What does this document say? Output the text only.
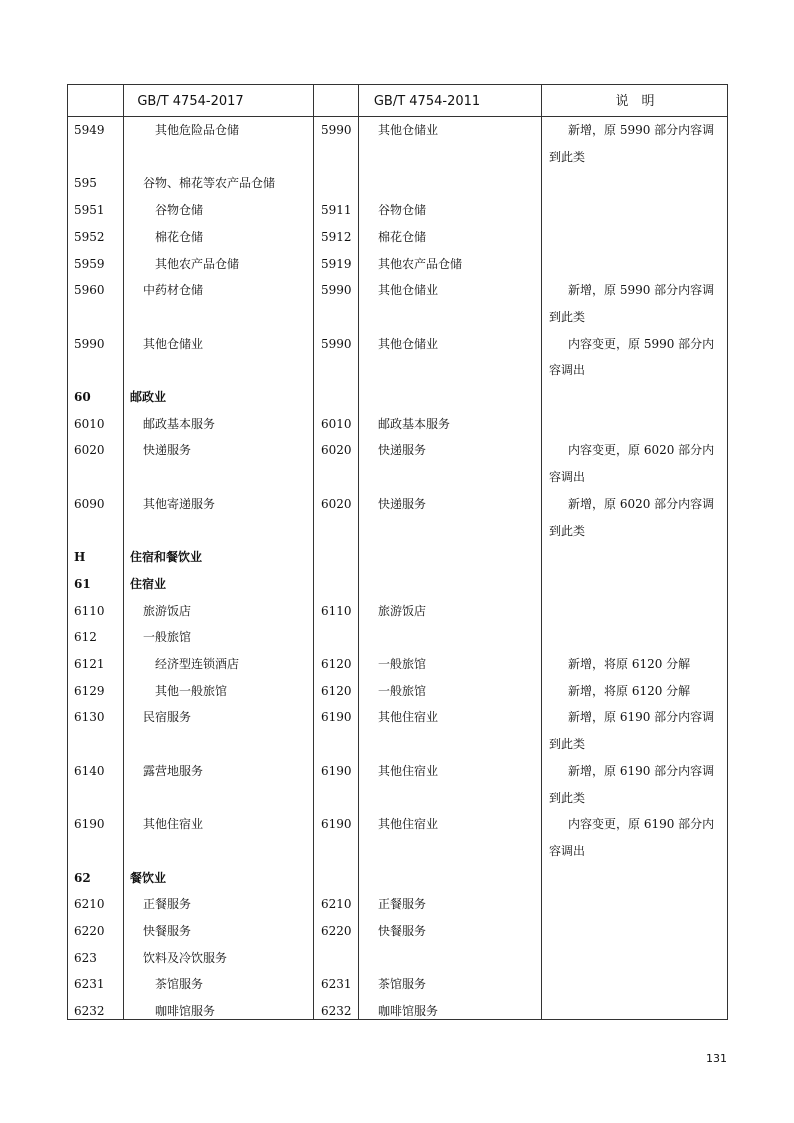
GB/T 4754-2017	GB/T 4754-2011	说　明
5949	其他危险品仓储	5990 其他仓储业	新增，原 5990 部分内容调到此类
595	谷物、棉花等农产品仓储
5951	谷物仓储	5911 谷物仓储
5952	棉花仓储	5912 棉花仓储
5959	其他农产品仓储	5919 其他农产品仓储
5960	中药材仓储	5990 其他仓储业	新增，原 5990 部分内容调到此类
5990	其他仓储业	5990 其他仓储业	内容变更，原 5990 部分内容调出
60	邮政业
6010	邮政基本服务	6010 邮政基本服务
6020	快递服务	6020 快递服务	内容变更，原 6020 部分内容调出
6090	其他寄递服务	6020 快递服务	新增，原 6020 部分内容调到此类
H	住宿和餐饮业
61	住宿业
6110	旅游饭店	6110 旅游饭店
612	一般旅馆
6121	经济型连锁酒店	6120 一般旅馆	新增，将原 6120 分解
6129	其他一般旅馆	6120 一般旅馆	新增，将原 6120 分解
6130	民宿服务	6190 其他住宿业	新增，原 6190 部分内容调到此类
6140	露营地服务	6190 其他住宿业	新增，原 6190 部分内容调到此类
6190	其他住宿业	6190 其他住宿业	内容变更，原 6190 部分内容调出
62	餐饮业
6210	正餐服务	6210 正餐服务
6220	快餐服务	6220 快餐服务
623	饮料及冷饮服务
6231	茶馆服务	6231 茶馆服务
6232	咖啡馆服务	6232 咖啡馆服务
131
